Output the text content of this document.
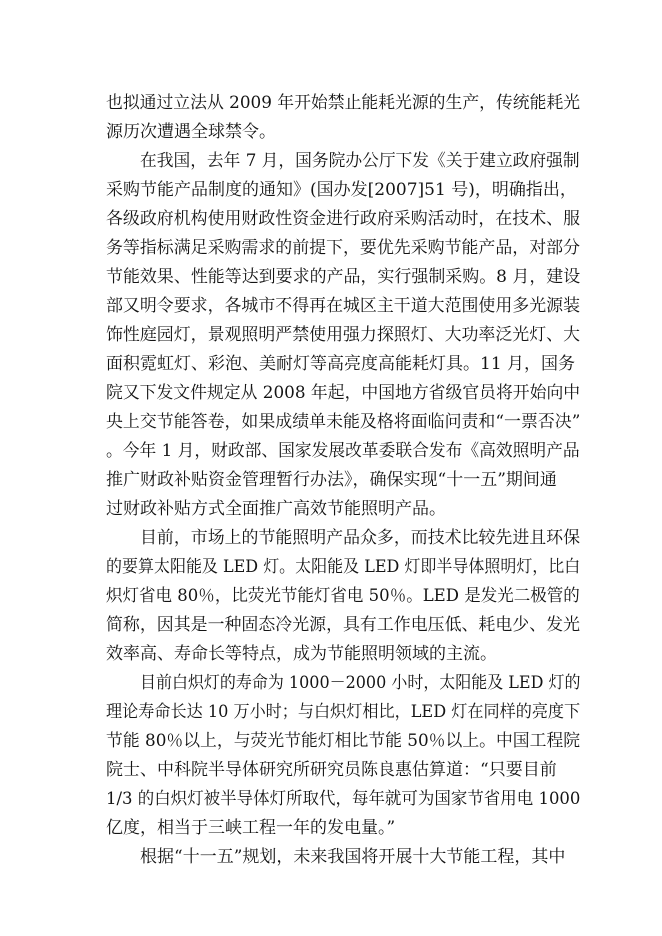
也拟通过立法从 2009 年开始禁止能耗光源的生产，传统能耗光
源历次遭遇全球禁令。
在我国，去年 7 月，国务院办公厅下发《关于建立政府强制
采购节能产品制度的通知》(国办发[2007]51 号)，明确指出，
各级政府机构使用财政性资金进行政府采购活动时，在技术、服
务等指标满足采购需求的前提下，要优先采购节能产品，对部分
节能效果、性能等达到要求的产品，实行强制采购。8 月，建设
部又明令要求，各城市不得再在城区主干道大范围使用多光源装
饰性庭园灯，景观照明严禁使用强力探照灯、大功率泛光灯、大
面积霓虹灯、彩泡、美耐灯等高亮度高能耗灯具。11 月，国务
院又下发文件规定从 2008 年起，中国地方省级官员将开始向中
央上交节能答卷，如果成绩单未能及格将面临问责和“一票否决”
。今年 1 月，财政部、国家发展改革委联合发布《高效照明产品
推广财政补贴资金管理暂行办法》，确保实现“十一五”期间通
过财政补贴方式全面推广高效节能照明产品。
目前，市场上的节能照明产品众多，而技术比较先进且环保
的要算太阳能及 LED 灯。太阳能及 LED 灯即半导体照明灯，比白
炽灯省电 80％，比荧光节能灯省电 50％。LED 是发光二极管的
简称，因其是一种固态冷光源，具有工作电压低、耗电少、发光
效率高、寿命长等特点，成为节能照明领域的主流。
目前白炽灯的寿命为 1000－2000 小时，太阳能及 LED 灯的
理论寿命长达 10 万小时；与白炽灯相比，LED 灯在同样的亮度下
节能 80％以上，与荧光节能灯相比节能 50％以上。中国工程院
院士、中科院半导体研究所研究员陈良惠估算道：“只要目前
1/3 的白炽灯被半导体灯所取代，每年就可为国家节省用电 1000
亿度，相当于三峡工程一年的发电量。”
根据“十一五”规划，未来我国将开展十大节能工程，其中
